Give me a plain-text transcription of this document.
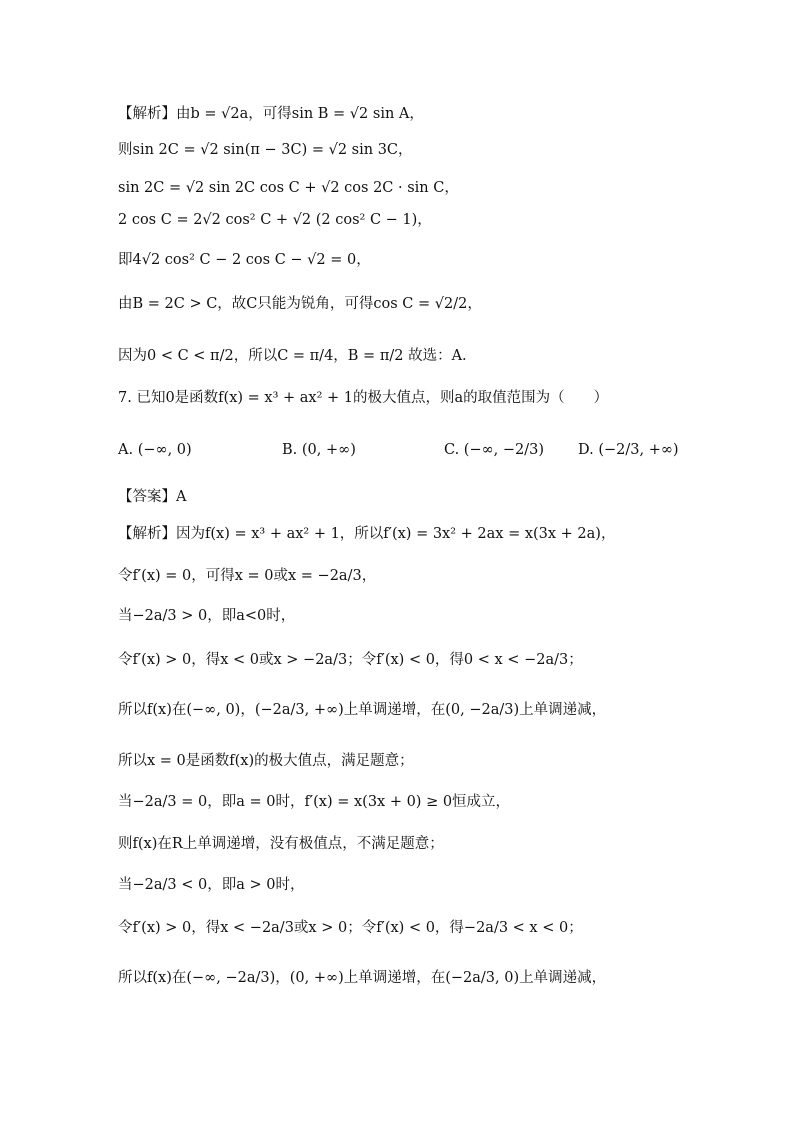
【解析】由b = √2a，可得sin B = √2 sin A，
则sin 2C = √2 sin(π − 3C) = √2 sin 3C，
sin 2C = √2 sin 2C cos C + √2 cos 2C · sin C，
2 cos C = 2√2 cos² C + √2 (2 cos² C − 1)，
即4√2 cos² C − 2 cos C − √2 = 0，
由B = 2C > C，故C只能为锐角，可得cos C = √2/2，
因为0 < C < π/2，所以C = π/4，B = π/2 故选：A.
7. 已知0是函数f(x) = x³ + ax² + 1的极大值点，则a的取值范围为（　　）
A. (−∞, 0)	B. (0, +∞)	C. (−∞, −2/3) D. (−2/3, +∞)
【答案】A
【解析】因为f(x) = x³ + ax² + 1，所以f′(x) = 3x² + 2ax = x(3x + 2a)，
令f′(x) = 0，可得x = 0或x = −2a/3，
当−2a/3 > 0，即a<0时，
令f′(x) > 0，得x < 0或x > −2a/3；令f′(x) < 0，得0 < x < −2a/3；
所以f(x)在(−∞, 0)，(−2a/3, +∞)上单调递增，在(0, −2a/3)上单调递减，
所以x = 0是函数f(x)的极大值点，满足题意；
当−2a/3 = 0，即a = 0时，f′(x) = x(3x + 0) ≥ 0恒成立，
则f(x)在R上单调递增，没有极值点，不满足题意；
当−2a/3 < 0，即a > 0时，
令f′(x) > 0，得x < −2a/3或x > 0；令f′(x) < 0，得−2a/3 < x < 0；
所以f(x)在(−∞, −2a/3)，(0, +∞)上单调递增，在(−2a/3, 0)上单调递减，
